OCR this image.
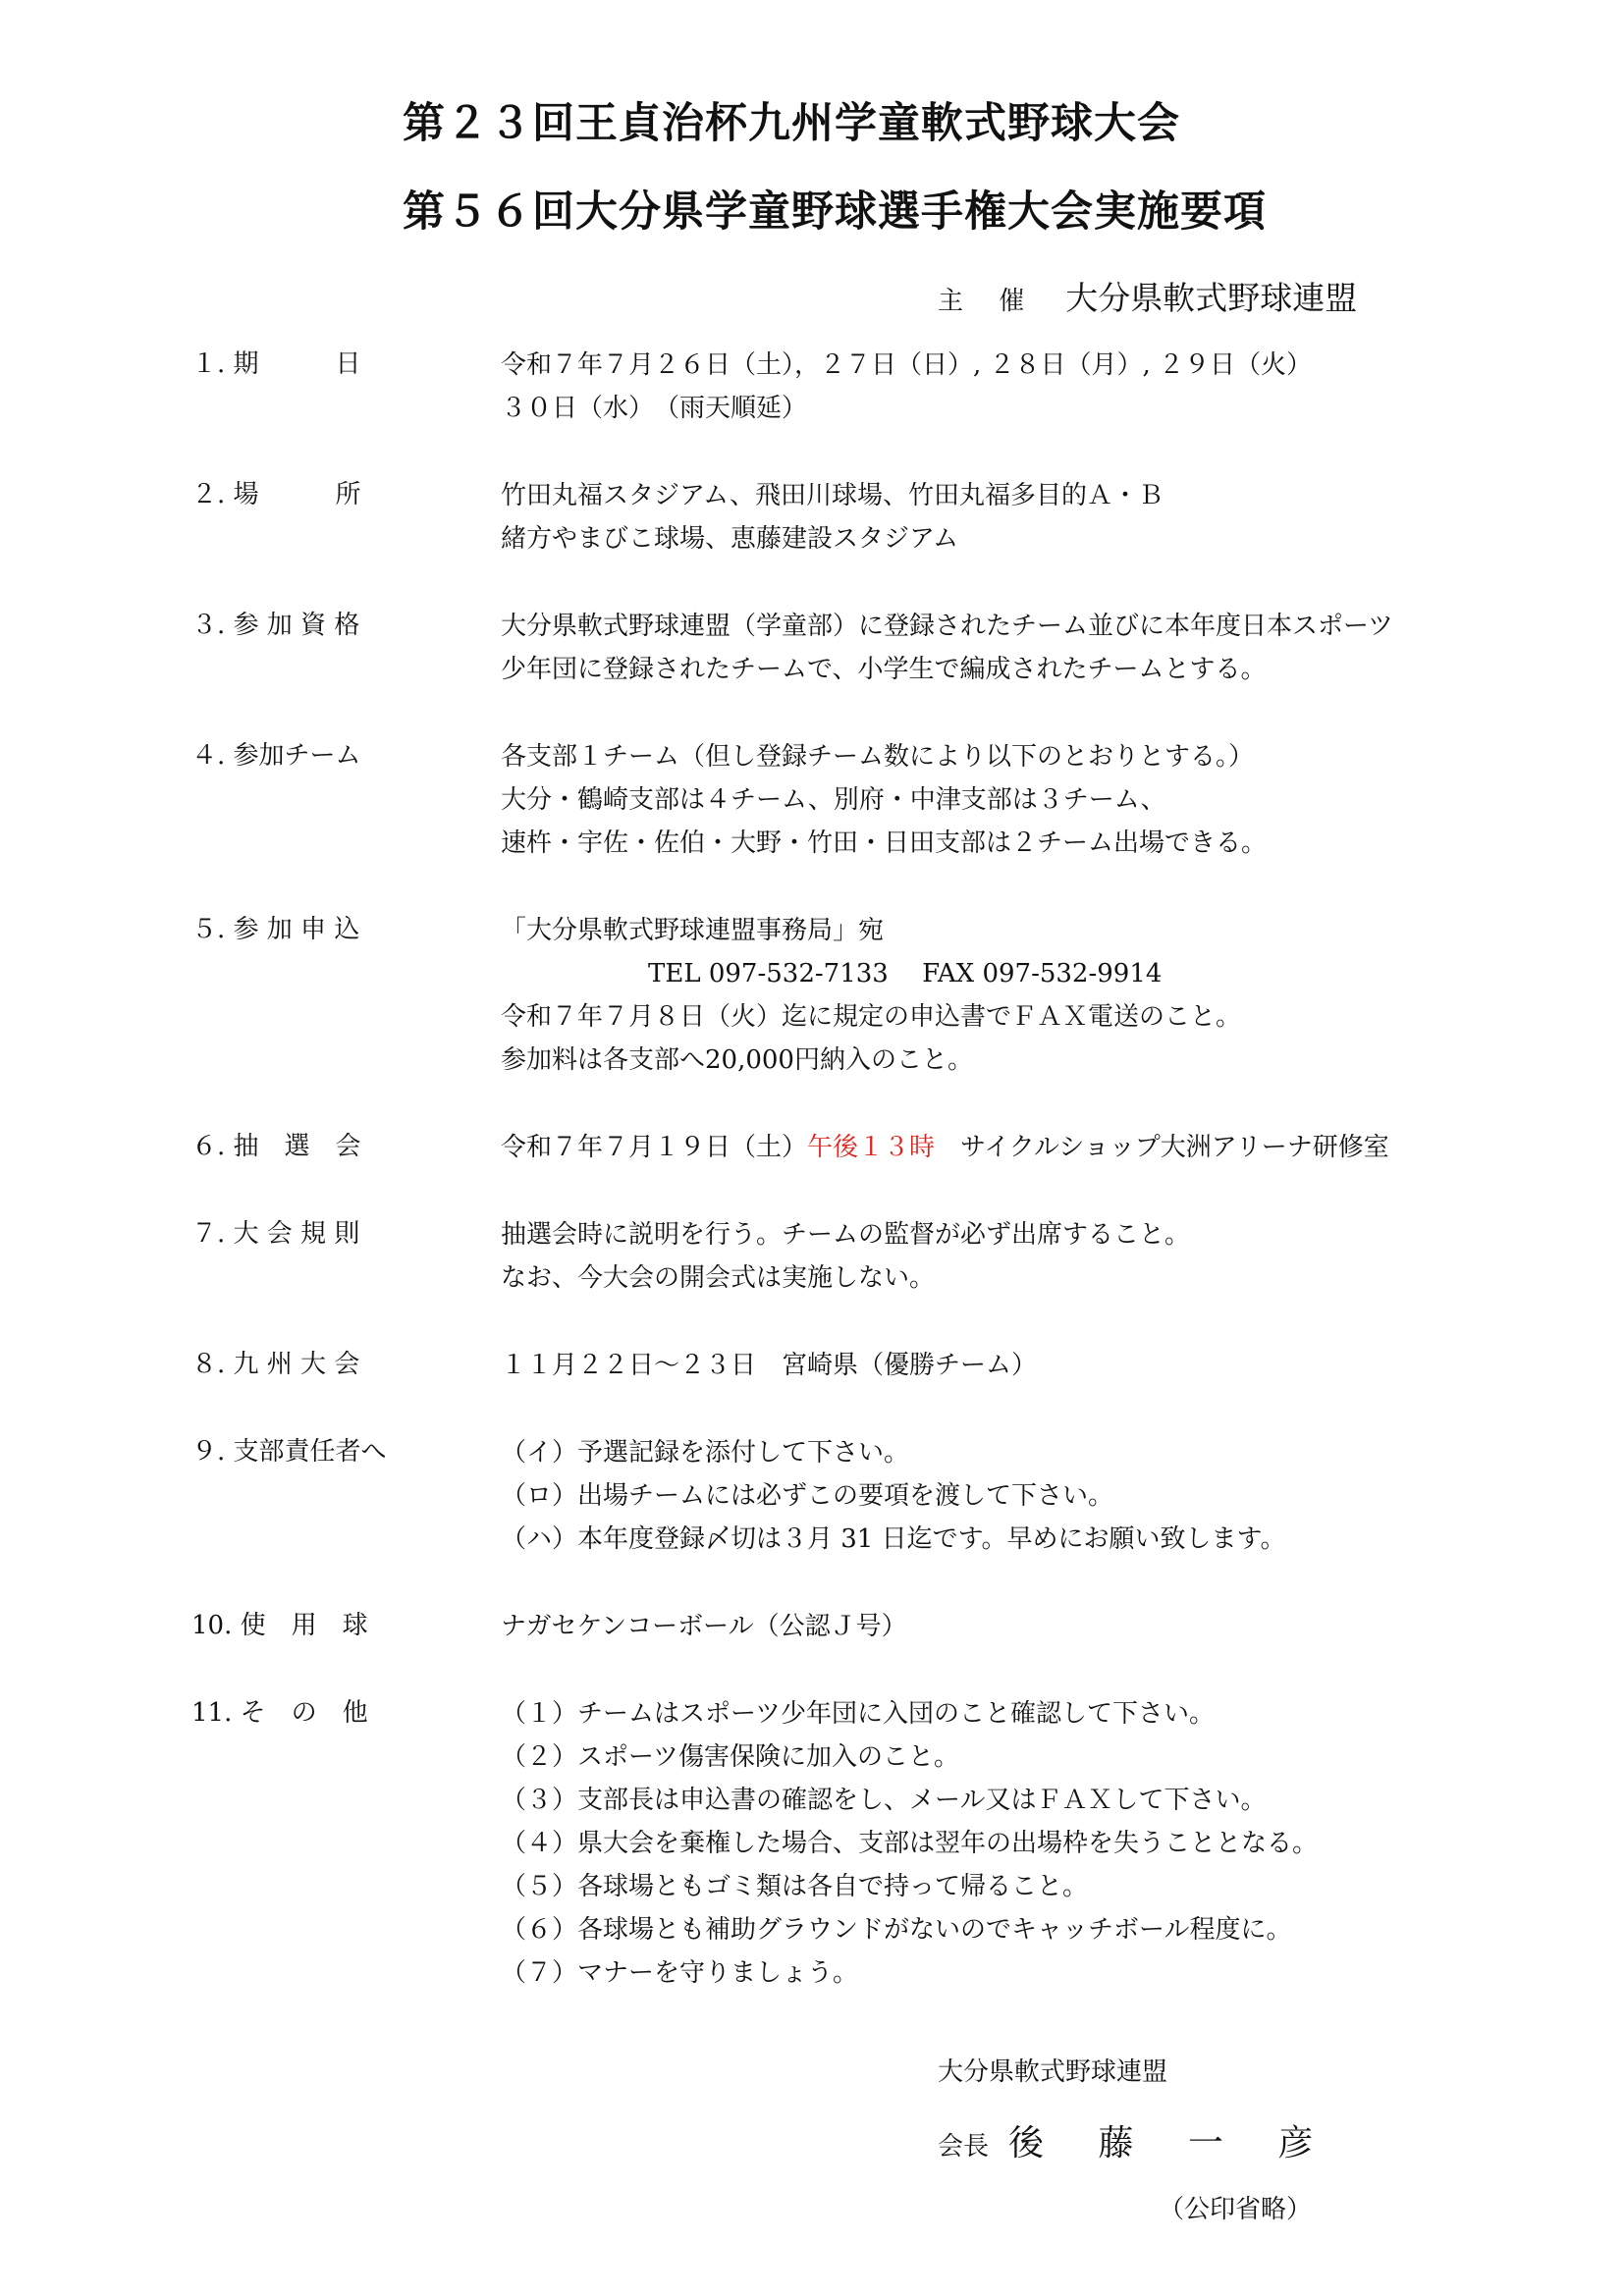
第２３回王貞治杯九州学童軟式野球大会
第５６回大分県学童野球選手権大会実施要項
主 催 大分県軟式野球連盟
１. 期　　　日	令和７年７月２６日（土），２７日（日）, ２８日（月）, ２９日（火）
３０日（水）　（雨天順延）
２. 場　　　所	竹田丸福スタジアム、飛田川球場、竹田丸福多目的Ａ・Ｂ
緒方やまびこ球場、恵藤建設スタジアム
３. 参 加 資 格	大分県軟式野球連盟（学童部）に登録されたチーム並びに本年度日本スポーツ
少年団に登録されたチームで、小学生で編成されたチームとする。
４. 参加チーム	各支部１チーム（但し登録チーム数により以下のとおりとする。）
大分・鶴崎支部は４チーム、別府・中津支部は３チーム、
速杵・宇佐・佐伯・大野・竹田・日田支部は２チーム出場できる。
５. 参 加 申 込	「大分県軟式野球連盟事務局」宛
TEL 097-532-7133　 FAX 097-532-9914
令和７年７月８日（火）迄に規定の申込書でＦＡＸ電送のこと。
参加料は各支部へ20,000円納入のこと。
６. 抽　選　会	令和７年７月１９日（土）午後１３時　サイクルショップ大洲アリーナ研修室
７. 大 会 規 則	抽選会時に説明を行う。チームの監督が必ず出席すること。
なお、今大会の開会式は実施しない。
８. 九 州 大 会	１１月２２日～２３日　宮崎県（優勝チーム）
９. 支部責任者へ	（イ）予選記録を添付して下さい。
（ロ）出場チームには必ずこの要項を渡して下さい。
（ハ）本年度登録〆切は３月 31 日迄です。早めにお願い致します。
10. 使　用　球	ナガセケンコーボール（公認Ｊ号）
11. そ　の　他	（１）チームはスポーツ少年団に入団のこと確認して下さい。
（２）スポーツ傷害保険に加入のこと。
（３）支部長は申込書の確認をし、メール又はＦＡＸして下さい。
（４）県大会を棄権した場合、支部は翌年の出場枠を失うこととなる。
（５）各球場ともゴミ類は各自で持って帰ること。
（６）各球場とも補助グラウンドがないのでキャッチボール程度に。
（７）マナーを守りましょう。
大分県軟式野球連盟
会長 後 藤 一 彦
（公印省略）
